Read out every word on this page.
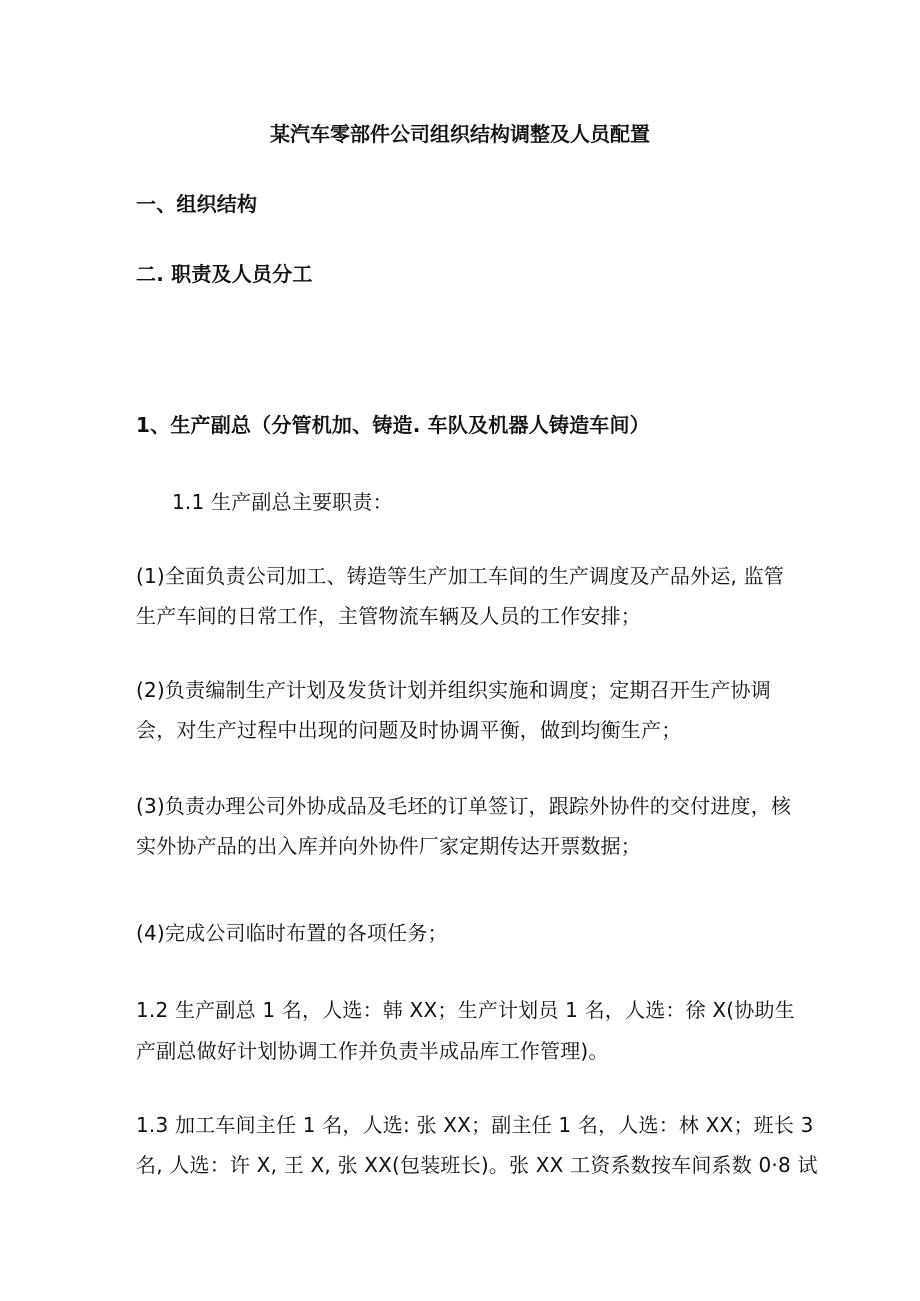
某汽车零部件公司组织结构调整及人员配置
一、组织结构
二. 职责及人员分工
1、生产副总（分管机加、铸造. 车队及机器人铸造车间）
1.1 生产副总主要职责：
(1)全面负责公司加工、铸造等生产加工车间的生产调度及产品外运, 监管
生产车间的日常工作，主管物流车辆及人员的工作安排；
(2)负责编制生产计划及发货计划并组织实施和调度；定期召开生产协调
会，对生产过程中出现的问题及时协调平衡，做到均衡生产；
(3)负责办理公司外协成品及毛坯的订单签订，跟踪外协件的交付进度，核
实外协产品的出入库并向外协件厂家定期传达开票数据；
(4)完成公司临时布置的各项任务；
1.2 生产副总 1 名，人选：韩 XX；生产计划员 1 名，人选：徐 X(协助生
产副总做好计划协调工作并负责半成品库工作管理)。
1.3 加工车间主任 1 名，人选: 张 XX；副主任 1 名，人选：林 XX；班长 3
名, 人选：许 X, 王 X, 张 XX(包装班长)。张 XX 工资系数按车间系数 0·8 试
